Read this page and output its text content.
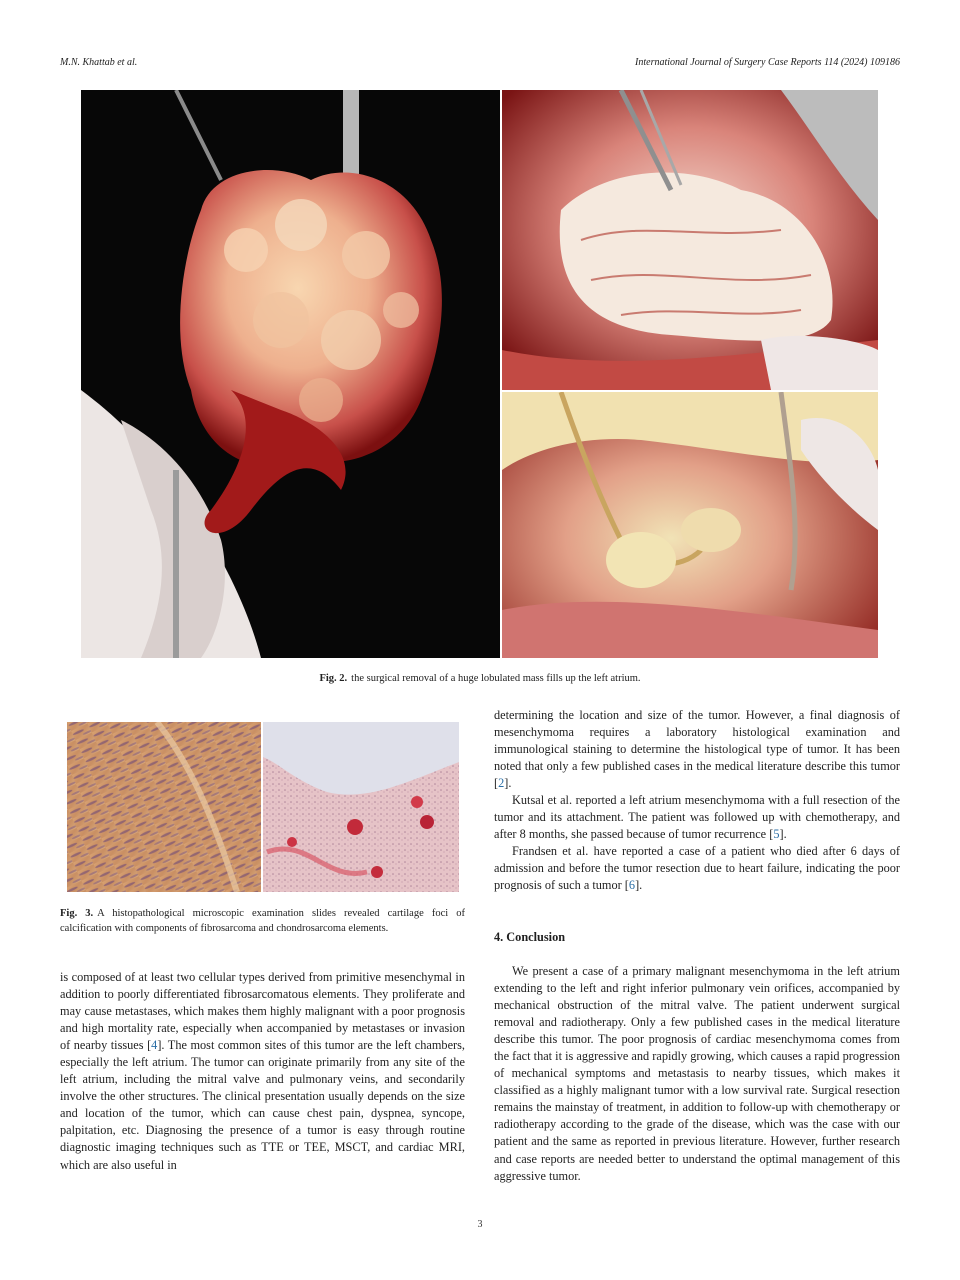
M.N. Khattab et al.	International Journal of Surgery Case Reports 114 (2024) 109186
Fig. 2. the surgical removal of a huge lobulated mass fills up the left atrium.
Fig. 3. A histopathological microscopic examination slides revealed cartilage foci of calcification with components of fibrosarcoma and chondrosarcoma elements.

is composed of at least two cellular types derived from primitive mesenchymal in addition to poorly differentiated fibrosarcomatous elements. They proliferate and may cause metastases, which makes them highly malignant with a poor prognosis and high mortality rate, especially when accompanied by metastases or invasion of nearby tissues [4]. The most common sites of this tumor are the left chambers, especially the left atrium. The tumor can originate primarily from any site of the left atrium, including the mitral valve and pulmonary veins, and secondarily involve the other structures. The clinical presentation usually depends on the size and location of the tumor, which can cause chest pain, dyspnea, syncope, palpitation, etc. Diagnosing the presence of a tumor is easy through routine diagnostic imaging techniques such as TTE or TEE, MSCT, and cardiac MRI, which are also useful in

determining the location and size of the tumor. However, a final diagnosis of mesenchymoma requires a laboratory histological examination and immunological staining to determine the histological type of tumor. It has been noted that only a few published cases in the medical literature describe this tumor [2].

Kutsal et al. reported a left atrium mesenchymoma with a full resection of the tumor and its attachment. The patient was followed up with chemotherapy, and after 8 months, she passed because of tumor recurrence [5].

Frandsen et al. have reported a case of a patient who died after 6 days of admission and before the tumor resection due to heart failure, indicating the poor prognosis of such a tumor [6].

4. Conclusion
We present a case of a primary malignant mesenchymoma in the left atrium extending to the left and right inferior pulmonary vein orifices, accompanied by mechanical obstruction of the mitral valve. The patient underwent surgical removal and radiotherapy. Only a few published cases in the medical literature describe this tumor. The poor prognosis of cardiac mesenchymoma comes from the fact that it is aggressive and rapidly growing, which causes a rapid progression of mechanical symptoms and metastasis to nearby tissues, which makes it classified as a highly malignant tumor with a low survival rate. Surgical resection remains the mainstay of treatment, in addition to follow-up with chemotherapy or radiotherapy according to the grade of the disease, which was the case with our patient and the same as reported in previous literature. However, further research and case reports are needed better to understand the optimal management of this aggressive tumor.
3
